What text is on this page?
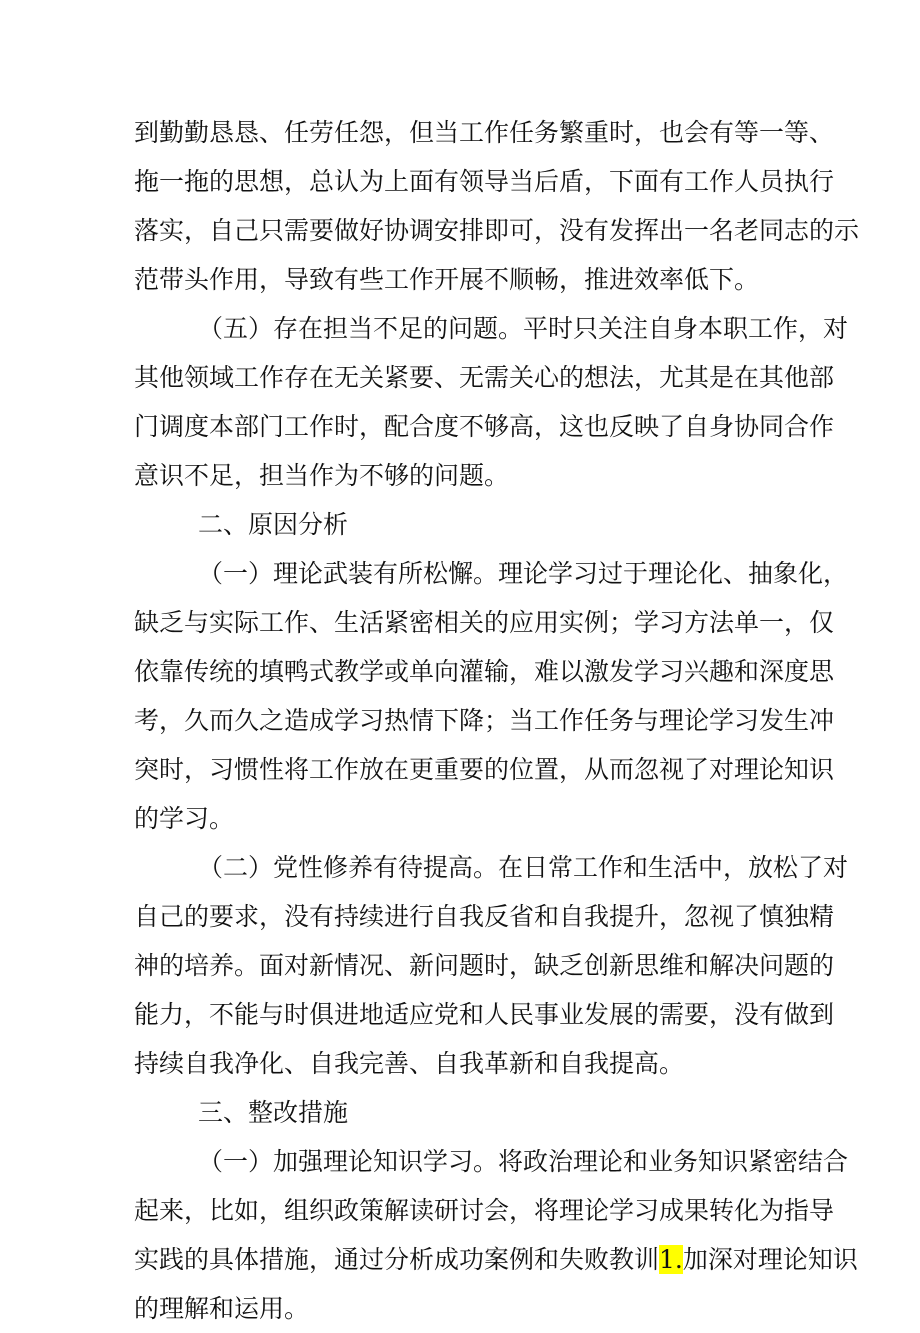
到勤勤恳恳、任劳任怨，但当工作任务繁重时，也会有等一等、
拖一拖的思想，总认为上面有领导当后盾，下面有工作人员执行
落实，自己只需要做好协调安排即可，没有发挥出一名老同志的示
范带头作用，导致有些工作开展不顺畅，推进效率低下。
（五）存在担当不足的问题。平时只关注自身本职工作，对
其他领域工作存在无关紧要、无需关心的想法，尤其是在其他部
门调度本部门工作时，配合度不够高，这也反映了自身协同合作
意识不足，担当作为不够的问题。
二、原因分析
（一）理论武装有所松懈。理论学习过于理论化、抽象化，
缺乏与实际工作、生活紧密相关的应用实例；学习方法单一，仅
依靠传统的填鸭式教学或单向灌输，难以激发学习兴趣和深度思
考，久而久之造成学习热情下降；当工作任务与理论学习发生冲
突时，习惯性将工作放在更重要的位置，从而忽视了对理论知识
的学习。
（二）党性修养有待提高。在日常工作和生活中，放松了对
自己的要求，没有持续进行自我反省和自我提升，忽视了慎独精
神的培养。面对新情况、新问题时，缺乏创新思维和解决问题的
能力，不能与时俱进地适应党和人民事业发展的需要，没有做到
持续自我净化、自我完善、自我革新和自我提高。
三、整改措施
（一）加强理论知识学习。将政治理论和业务知识紧密结合
起来，比如，组织政策解读研讨会，将理论学习成果转化为指导
实践的具体措施，通过分析成功案例和失败教训1.加深对理论知识
的理解和运用。
